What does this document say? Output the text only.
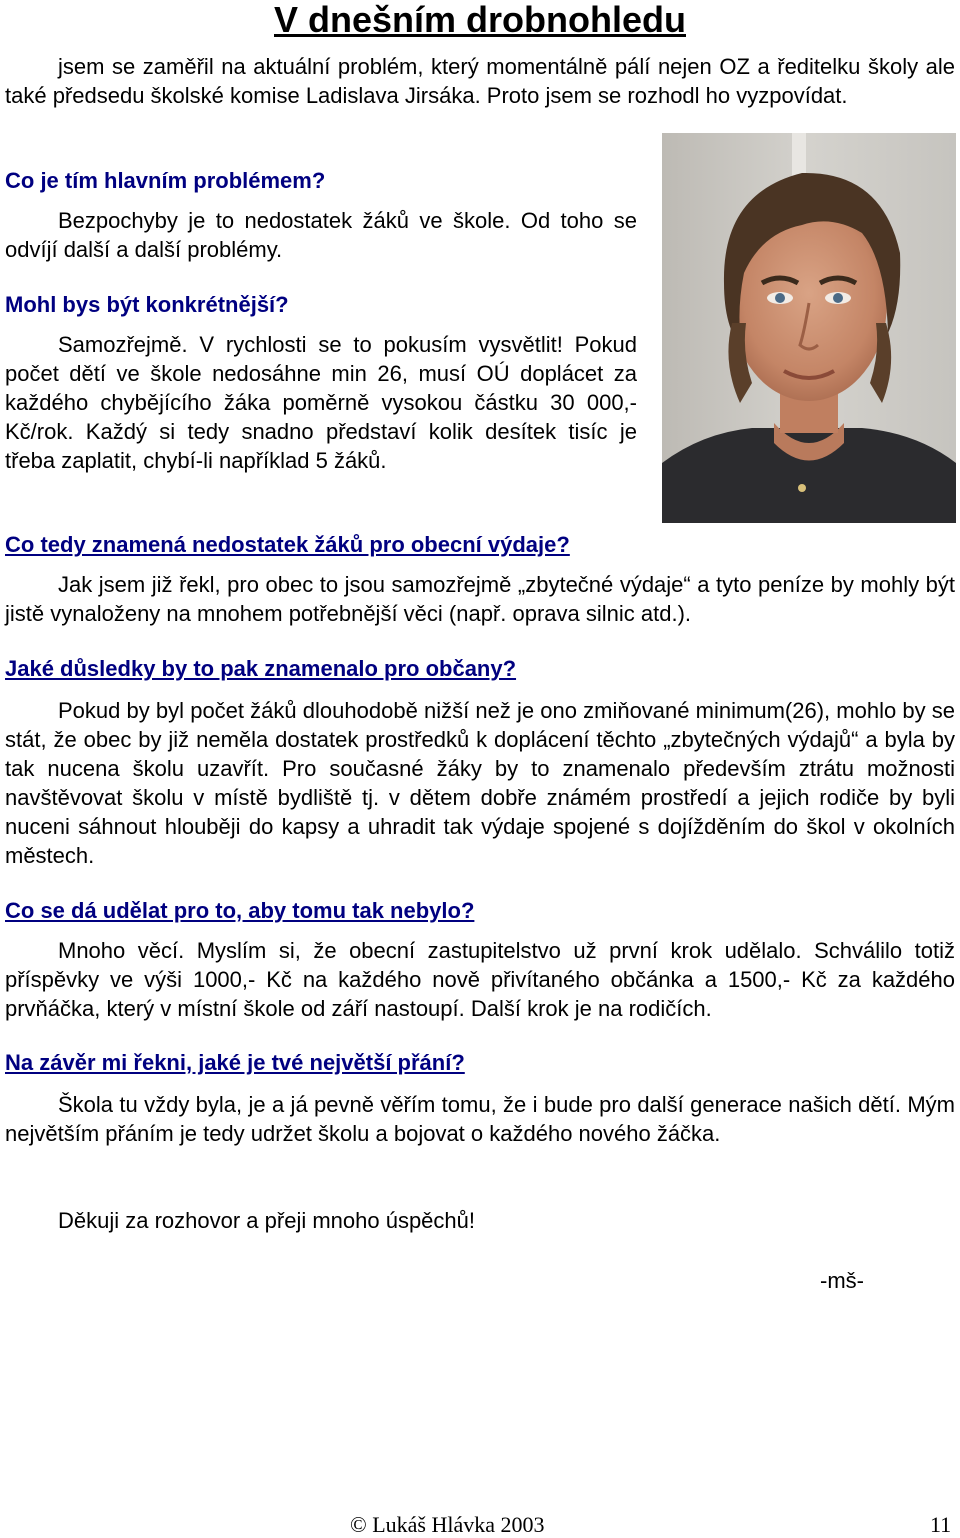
V dnešním drobnohledu

jsem se zaměřil na aktuální problém, který momentálně pálí nejen OZ a ředitelku školy ale také předsedu školské komise Ladislava Jirsáka. Proto jsem se rozhodl ho vyzpovídat.

Co je tím hlavním problémem?

Bezpochyby je to nedostatek žáků ve škole. Od toho se odvíjí další a další problémy.

Mohl bys být konkrétnější?

Samozřejmě. V rychlosti se to pokusím vysvětlit! Pokud počet dětí ve škole nedosáhne min 26, musí OÚ doplácet za každého chybějícího žáka poměrně vysokou částku 30 000,- Kč/rok. Každý si tedy snadno představí kolik desítek tisíc je třeba zaplatit, chybí-li například 5 žáků.

Co tedy znamená nedostatek žáků pro obecní výdaje?

Jak jsem již řekl, pro obec to jsou samozřejmě „zbytečné výdaje“ a tyto peníze by mohly být jistě vynaloženy na mnohem potřebnější věci (např. oprava silnic atd.).

Jaké důsledky by to pak znamenalo pro občany?

Pokud by byl počet žáků dlouhodobě nižší než je ono zmiňované minimum(26), mohlo by se stát, že obec by již neměla dostatek prostředků k doplácení těchto „zbytečných výdajů“ a byla by tak nucena školu uzavřít. Pro současné žáky by to znamenalo především ztrátu možnosti navštěvovat školu v místě bydliště tj. v dětem dobře známém prostředí a jejich rodiče by byli nuceni sáhnout hlouběji do kapsy a uhradit tak výdaje spojené s dojížděním do škol v okolních městech.

Co se dá udělat pro to, aby tomu tak nebylo?

Mnoho věcí. Myslím si, že obecní zastupitelstvo už první krok udělalo. Schválilo totiž příspěvky ve výši 1000,- Kč na každého nově přivítaného občánka a 1500,- Kč za každého prvňáčka, který v místní škole od září nastoupí. Další krok je na rodičích.

Na závěr mi řekni, jaké je tvé největší přání?

Škola tu vždy byla, je a já pevně věřím tomu, že i bude pro další generace našich dětí. Mým největším přáním je tedy udržet školu a bojovat o každého nového žáčka.

Děkuji za rozhovor a přeji mnoho úspěchů!

-mš-

© Lukáš Hlávka 2003	11
